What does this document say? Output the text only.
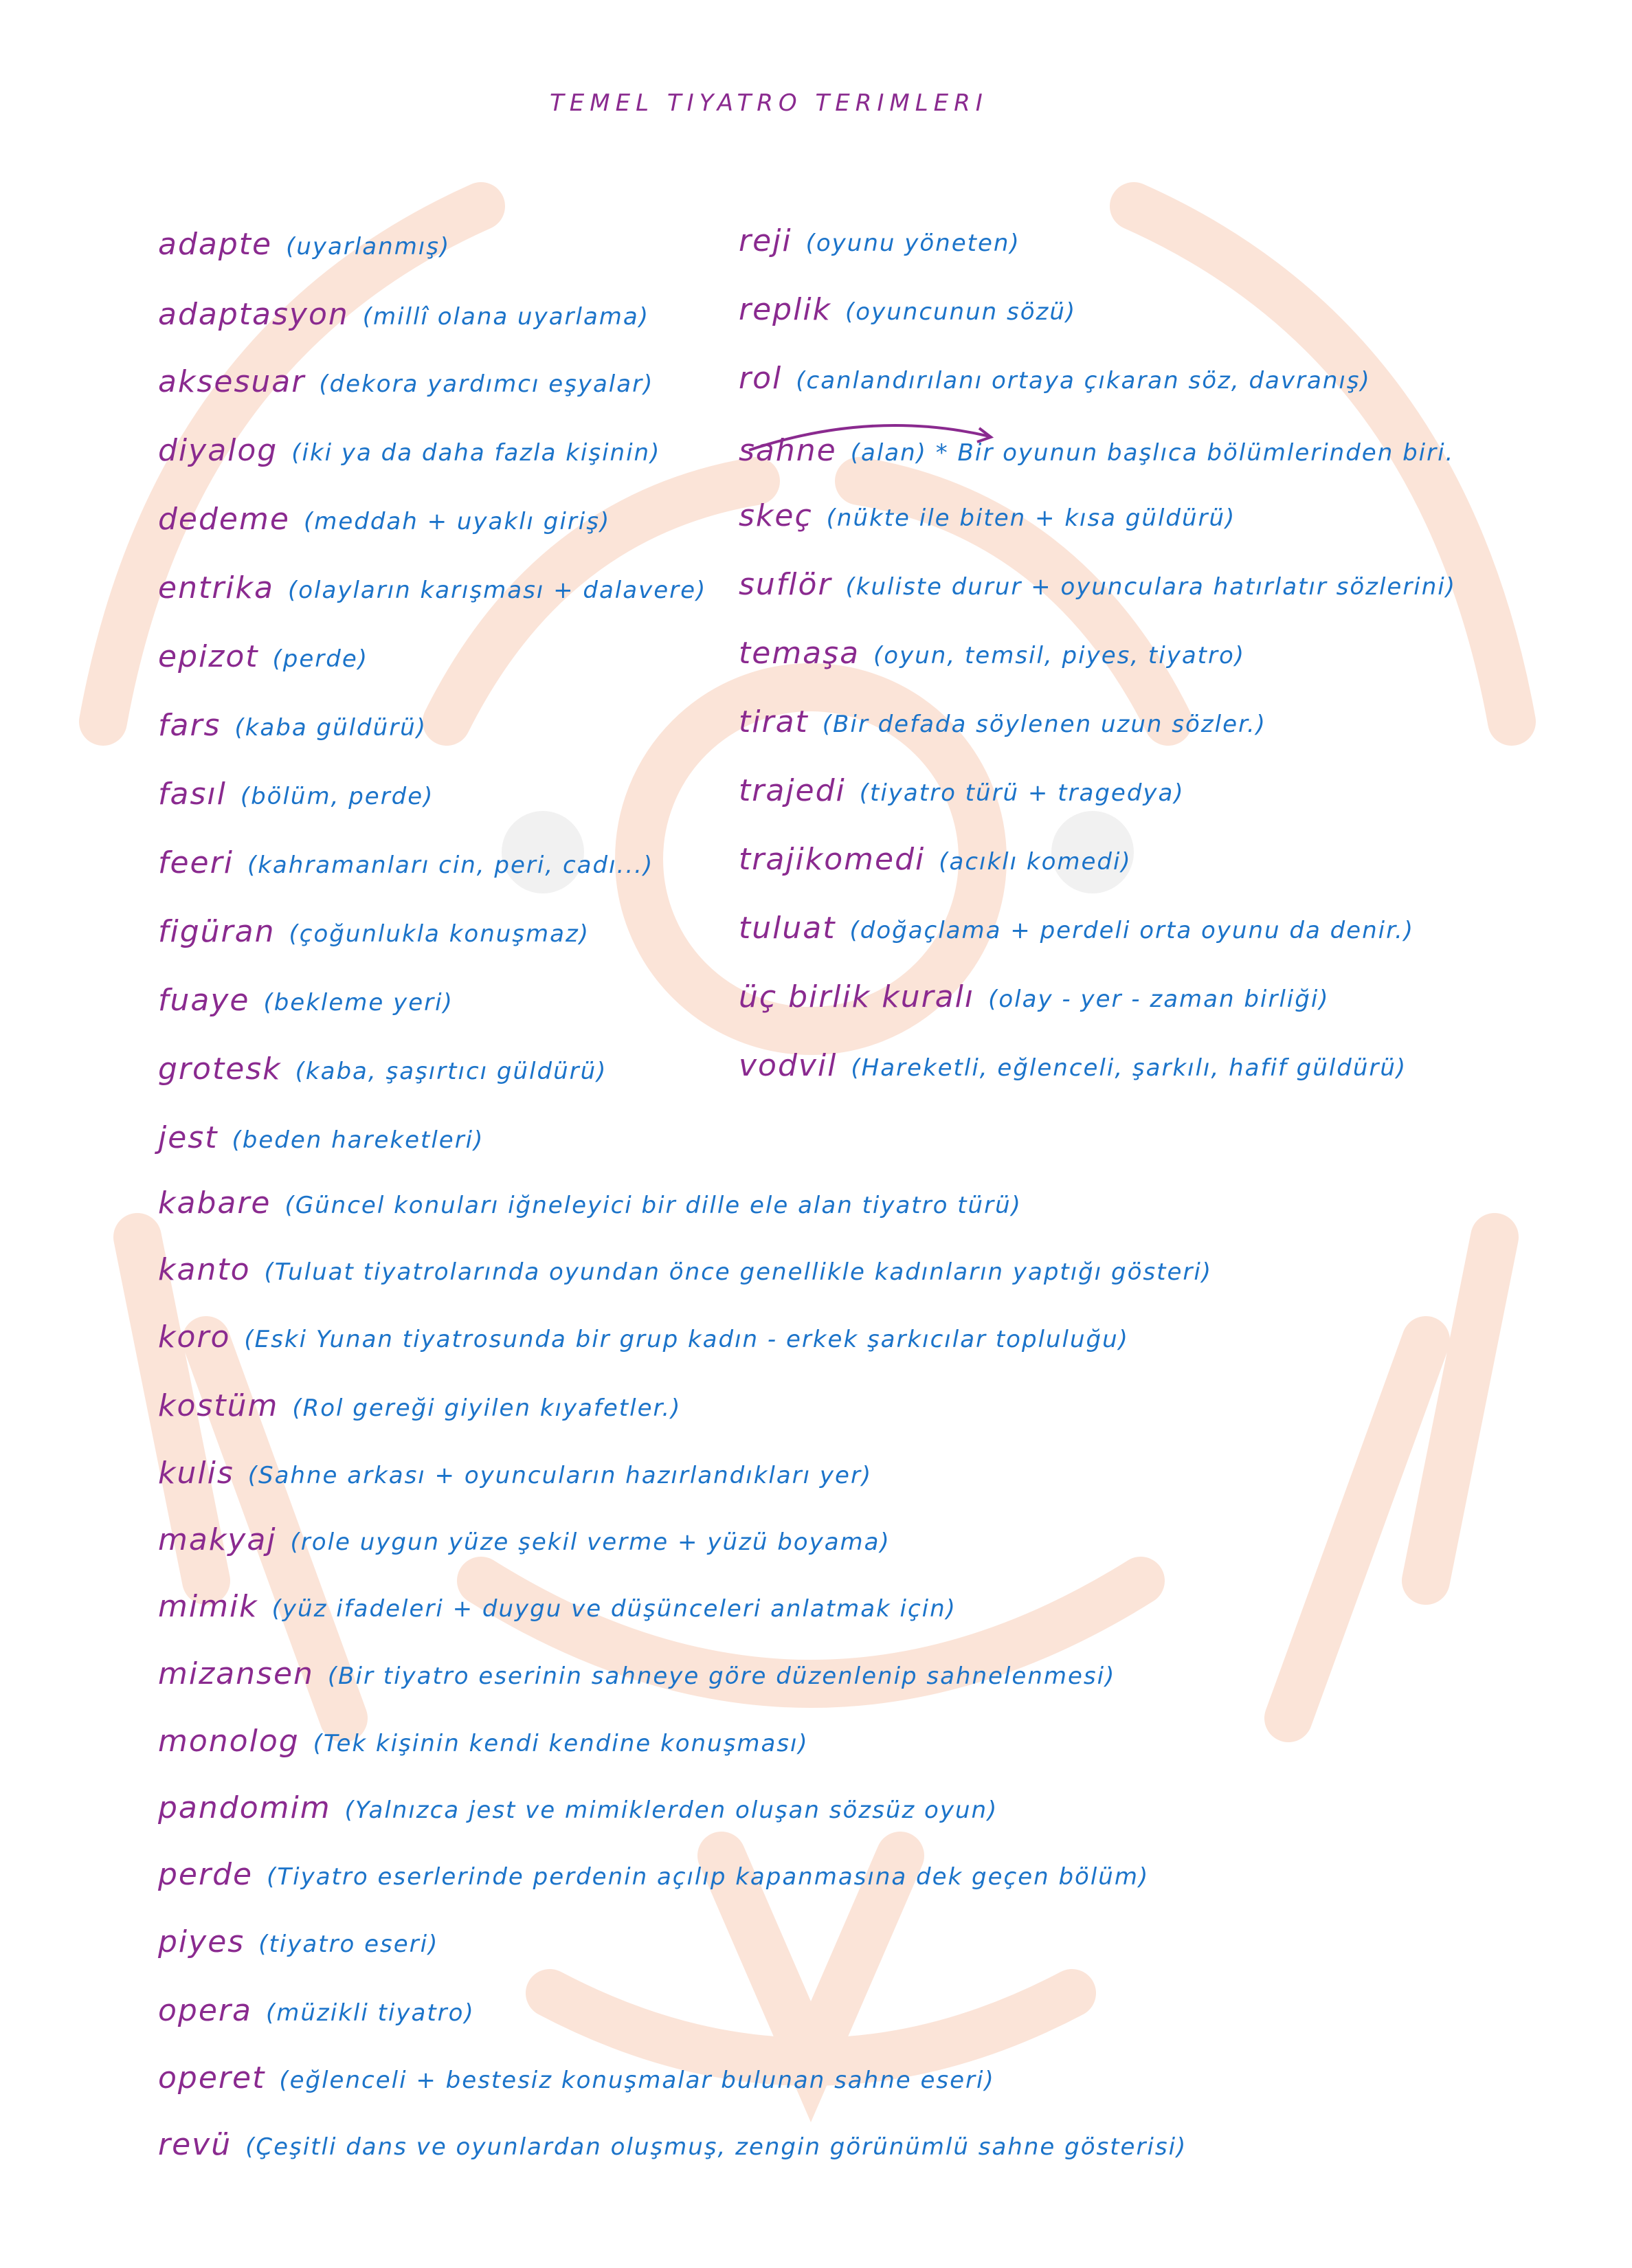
TEMEL TIYATRO TERIMLERI
adapte (uyarlanmış)
adaptasyon (millî olana uyarlama)
aksesuar (dekora yardımcı eşyalar)
diyalog (iki ya da daha fazla kişinin)
dedeme (meddah + uyaklı giriş)
entrika (olayların karışması + dalavere)
epizot (perde)
fars (kaba güldürü)
fasıl (bölüm, perde)
feeri (kahramanları cin, peri, cadı...)
figüran (çoğunlukla konuşmaz)
fuaye (bekleme yeri)
grotesk (kaba, şaşırtıcı güldürü)
jest (beden hareketleri)
reji (oyunu yöneten)
replik (oyuncunun sözü)
rol (canlandırılanı ortaya çıkaran söz, davranış)
sahne (alan) * Bir oyunun başlıca bölümlerinden biri.
skeç (nükte ile biten + kısa güldürü)
suflör (kuliste durur + oyunculara hatırlatır sözlerini)
temaşa (oyun, temsil, piyes, tiyatro)
tirat (Bir defada söylenen uzun sözler.)
trajedi (tiyatro türü + tragedya)
trajikomedi (acıklı komedi)
tuluat (doğaçlama + perdeli orta oyunu da denir.)
üç birlik kuralı (olay - yer - zaman birliği)
vodvil (Hareketli, eğlenceli, şarkılı, hafif güldürü)
kabare (Güncel konuları iğneleyici bir dille ele alan tiyatro türü)
kanto (Tuluat tiyatrolarında oyundan önce genellikle kadınların yaptığı gösteri)
koro (Eski Yunan tiyatrosunda bir grup kadın - erkek şarkıcılar topluluğu)
kostüm (Rol gereği giyilen kıyafetler.)
kulis (Sahne arkası + oyuncuların hazırlandıkları yer)
makyaj (role uygun yüze şekil verme + yüzü boyama)
mimik (yüz ifadeleri + duygu ve düşünceleri anlatmak için)
mizansen (Bir tiyatro eserinin sahneye göre düzenlenip sahnelenmesi)
monolog (Tek kişinin kendi kendine konuşması)
pandomim (Yalnızca jest ve mimiklerden oluşan sözsüz oyun)
perde (Tiyatro eserlerinde perdenin açılıp kapanmasına dek geçen bölüm)
piyes (tiyatro eseri)
opera (müzikli tiyatro)
operet (eğlenceli + bestesiz konuşmalar bulunan sahne eseri)
revü (Çeşitli dans ve oyunlardan oluşmuş, zengin görünümlü sahne gösterisi)
